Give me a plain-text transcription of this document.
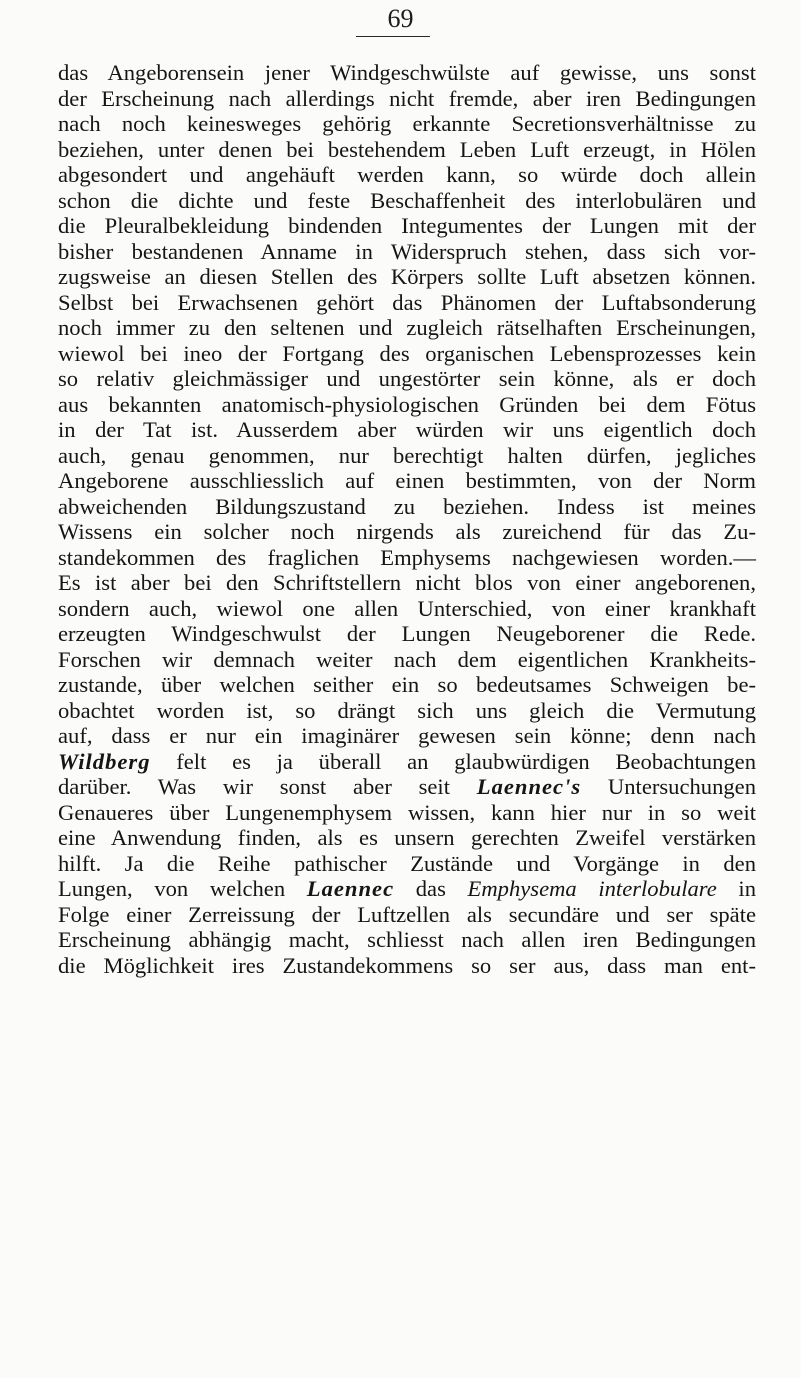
69
das Angeborensein jener Windgeschwülste auf gewisse, uns sonst
der Erscheinung nach allerdings nicht fremde, aber iren Bedingungen
nach noch keinesweges gehörig erkannte Secretionsverhältnisse zu
beziehen, unter denen bei bestehendem Leben Luft erzeugt, in Hölen
abgesondert und angehäuft werden kann, so würde doch allein
schon die dichte und feste Beschaffenheit des interlobulären und
die Pleuralbekleidung bindenden Integumentes der Lungen mit der
bisher bestandenen Anname in Widerspruch stehen, dass sich vor-
zugsweise an diesen Stellen des Körpers sollte Luft absetzen können.
Selbst bei Erwachsenen gehört das Phänomen der Luftabsonderung
noch immer zu den seltenen und zugleich rätselhaften Erscheinungen,
wiewol bei ineo der Fortgang des organischen Lebensprozesses kein
so relativ gleichmässiger und ungestörter sein könne, als er doch
aus bekannten anatomisch-physiologischen Gründen bei dem Fötus
in der Tat ist. Ausserdem aber würden wir uns eigentlich doch
auch, genau genommen, nur berechtigt halten dürfen, jegliches
Angeborene ausschliesslich auf einen bestimmten, von der Norm
abweichenden Bildungszustand zu beziehen. Indess ist meines
Wissens ein solcher noch nirgends als zureichend für das Zu-
standekommen des fraglichen Emphysems nachgewiesen worden.—
Es ist aber bei den Schriftstellern nicht blos von einer angeborenen,
sondern auch, wiewol one allen Unterschied, von einer krankhaft
erzeugten Windgeschwulst der Lungen Neugeborener die Rede.
Forschen wir demnach weiter nach dem eigentlichen Krankheits-
zustande, über welchen seither ein so bedeutsames Schweigen be-
obachtet worden ist, so drängt sich uns gleich die Vermutung
auf, dass er nur ein imaginärer gewesen sein könne; denn nach
Wildberg felt es ja überall an glaubwürdigen Beobachtungen
darüber. Was wir sonst aber seit Laennec's Untersuchungen
Genaueres über Lungenemphysem wissen, kann hier nur in so weit
eine Anwendung finden, als es unsern gerechten Zweifel verstärken
hilft. Ja die Reihe pathischer Zustände und Vorgänge in den
Lungen, von welchen Laennec das Emphysema interlobulare in
Folge einer Zerreissung der Luftzellen als secundäre und ser späte
Erscheinung abhängig macht, schliesst nach allen iren Bedingungen
die Möglichkeit ires Zustandekommens so ser aus, dass man ent-
